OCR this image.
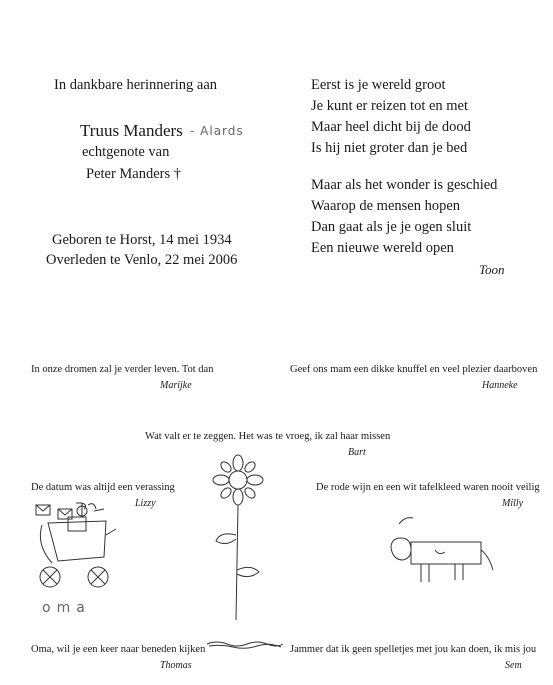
In dankbare herinnering aan
Truus Manders - Alards
echtgenote van
Peter Manders †
Geboren te Horst, 14 mei 1934
Overleden te Venlo, 22 mei 2006
Eerst is je wereld groot
Je kunt er reizen tot en met
Maar heel dicht bij de dood
Is hij niet groter dan je bed
Maar als het wonder is geschied
Waarop de mensen hopen
Dan gaat als je je ogen sluit
Een nieuwe wereld open
Toon
In onze dromen zal je verder leven. Tot dan
Marijke
Geef ons mam een dikke knuffel en veel plezier daarboven
Hanneke
Wat valt er te zeggen. Het was te vroeg, ik zal haar missen
Bart
De datum was altijd een verassing
Lizzy
De rode wijn en een wit tafelkleed waren nooit veilig
Milly
Oma, wil je een keer naar beneden kijken
Thomas
Jammer dat ik geen spelletjes met jou kan doen, ik mis jou
Sem
oma
